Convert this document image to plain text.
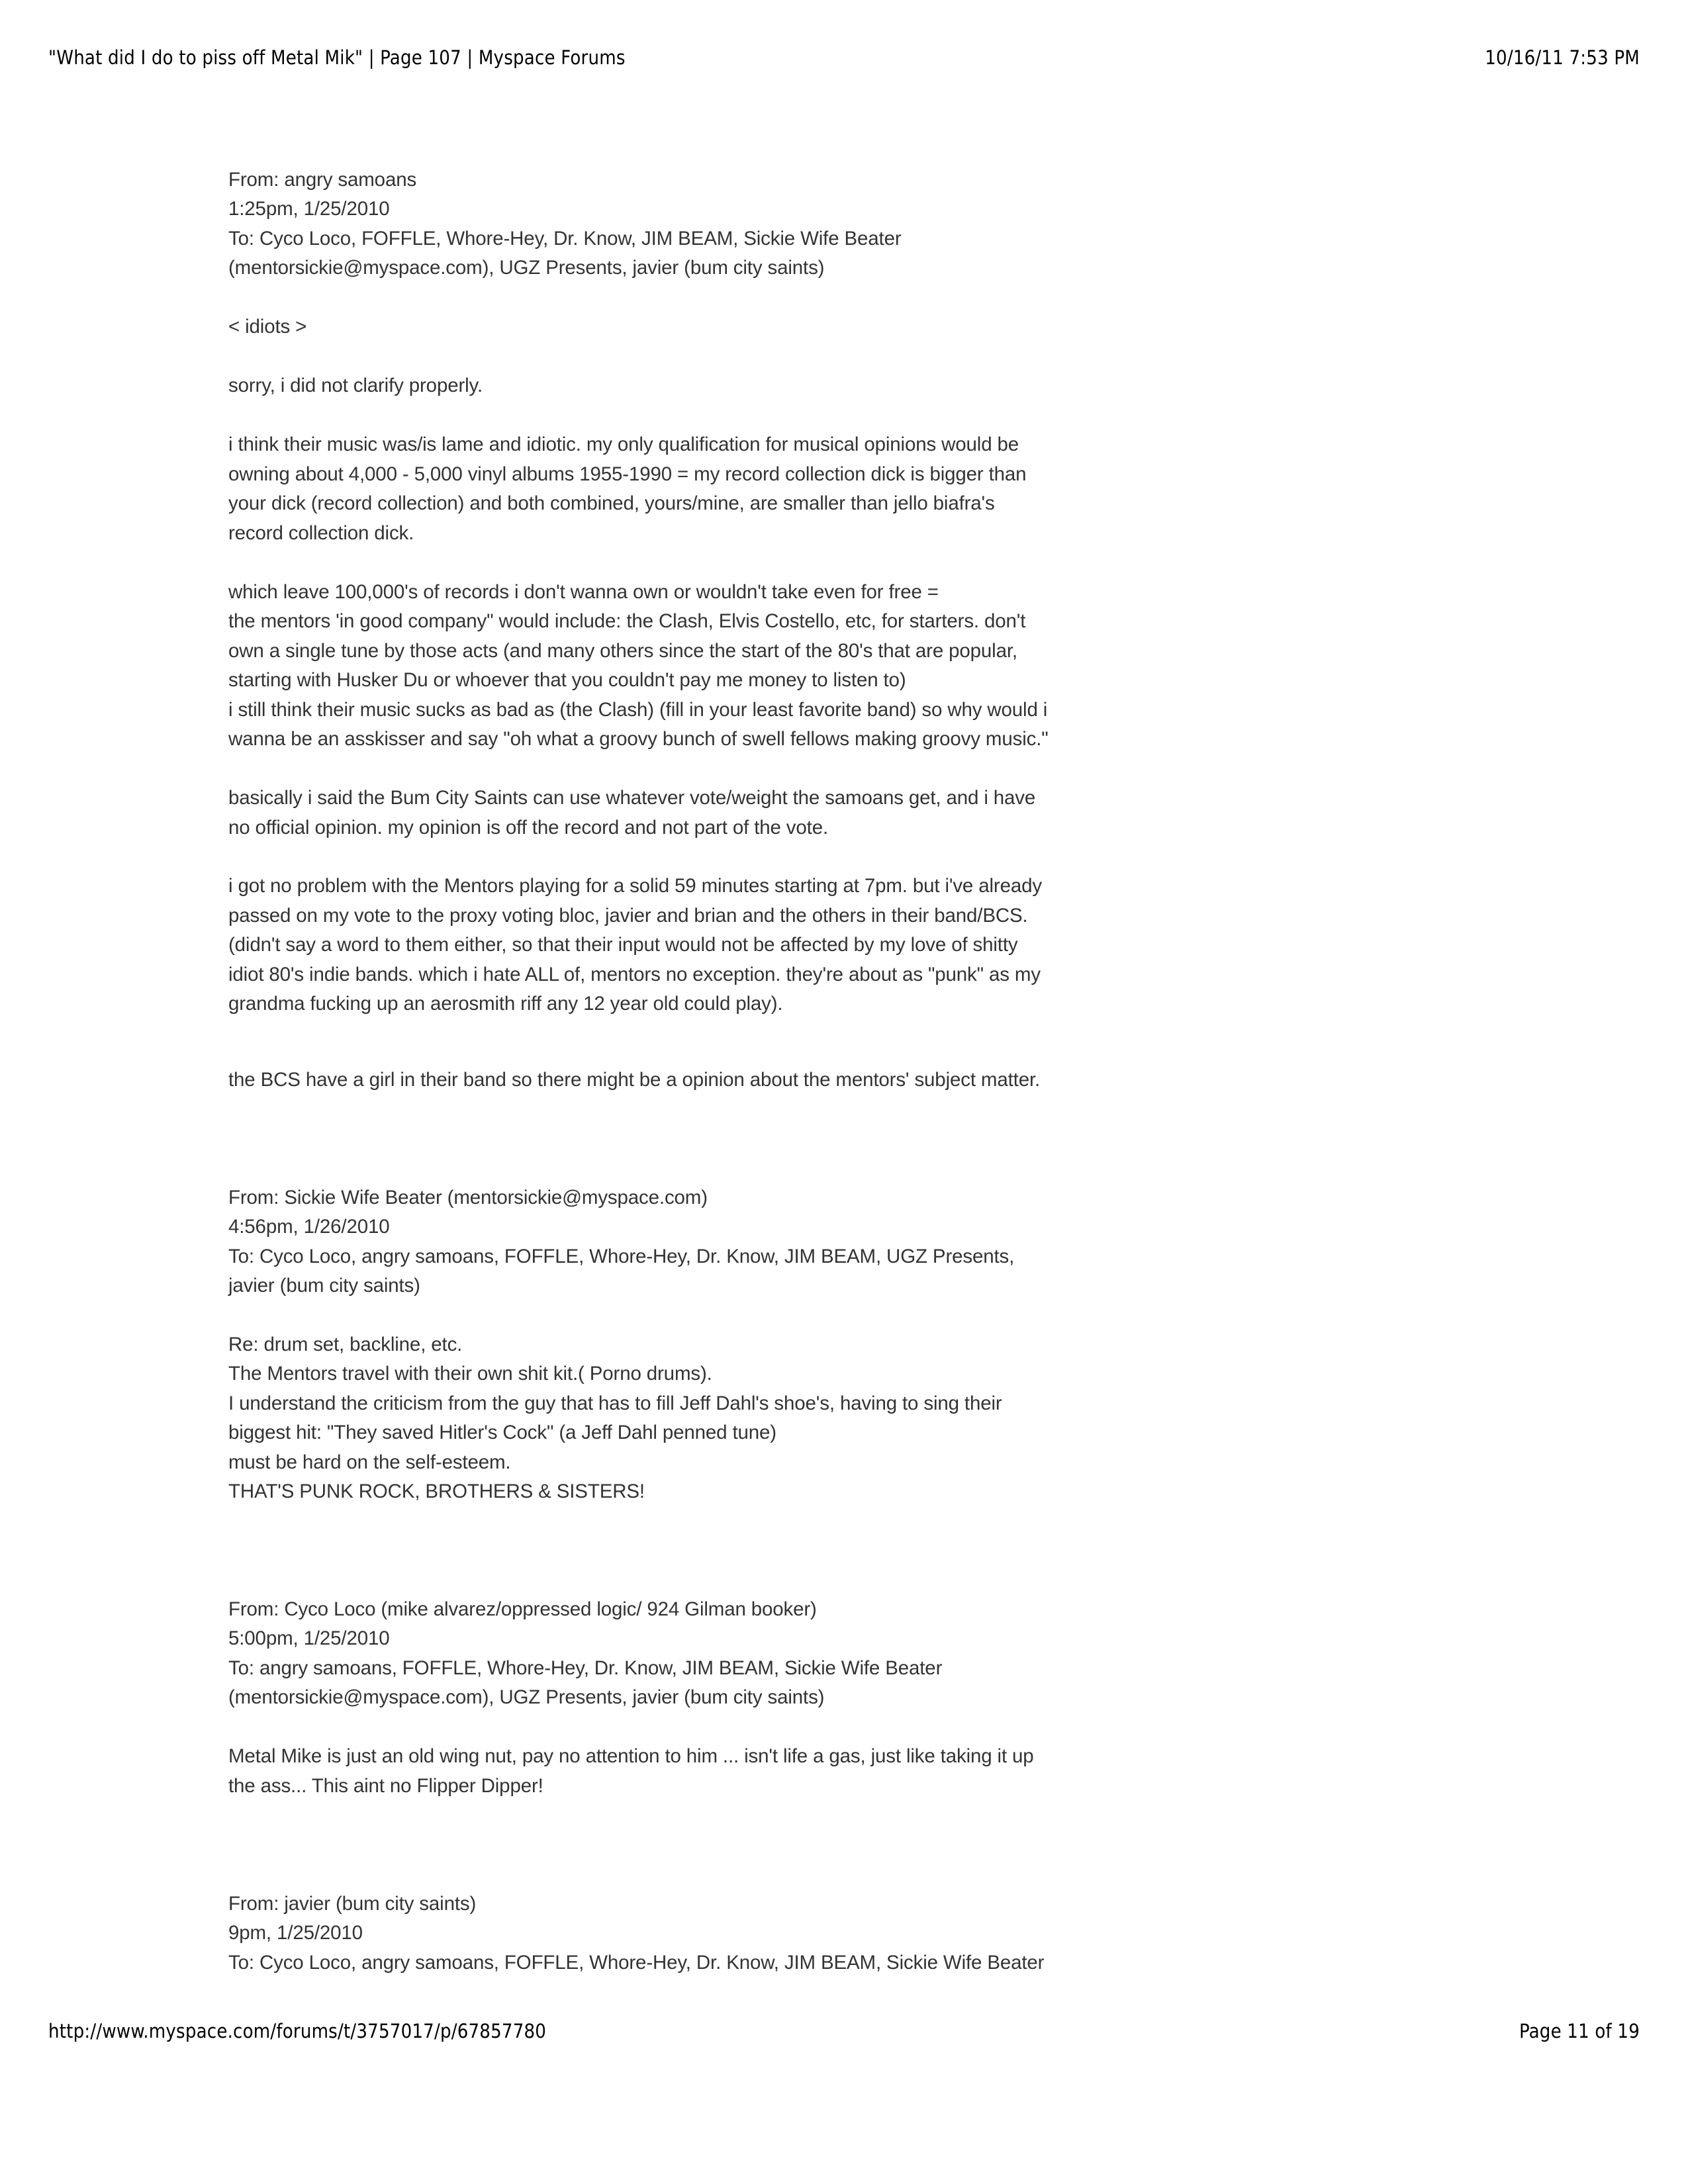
"What did I do to piss off Metal Mik" | Page 107 | Myspace Forums	10/16/11 7:53 PM
From: angry samoans
1:25pm, 1/25/2010
To: Cyco Loco, FOFFLE, Whore-Hey, Dr. Know, JIM BEAM, Sickie Wife Beater
(mentorsickie@myspace.com), UGZ Presents, javier (bum city saints)
< idiots >
sorry, i did not clarify properly.
i think their music was/is lame and idiotic. my only qualification for musical opinions would be
owning about 4,000 - 5,000 vinyl albums 1955-1990 = my record collection dick is bigger than
your dick (record collection) and both combined, yours/mine, are smaller than jello biafra's
record collection dick.
which leave 100,000's of records i don't wanna own or wouldn't take even for free =
the mentors 'in good company" would include: the Clash, Elvis Costello, etc, for starters. don't
own a single tune by those acts (and many others since the start of the 80's that are popular,
starting with Husker Du or whoever that you couldn't pay me money to listen to)
i still think their music sucks as bad as (the Clash) (fill in your least favorite band) so why would i
wanna be an asskisser and say "oh what a groovy bunch of swell fellows making groovy music."
basically i said the Bum City Saints can use whatever vote/weight the samoans get, and i have
no official opinion. my opinion is off the record and not part of the vote.
i got no problem with the Mentors playing for a solid 59 minutes starting at 7pm. but i've already
passed on my vote to the proxy voting bloc, javier and brian and the others in their band/BCS.
(didn't say a word to them either, so that their input would not be affected by my love of shitty
idiot 80's indie bands. which i hate ALL of, mentors no exception. they're about as "punk" as my
grandma fucking up an aerosmith riff any 12 year old could play).
the BCS have a girl in their band so there might be a opinion about the mentors' subject matter.
From: Sickie Wife Beater (mentorsickie@myspace.com)
4:56pm, 1/26/2010
To: Cyco Loco, angry samoans, FOFFLE, Whore-Hey, Dr. Know, JIM BEAM, UGZ Presents,
javier (bum city saints)
Re: drum set, backline, etc.
The Mentors travel with their own shit kit.( Porno drums).
I understand the criticism from the guy that has to fill Jeff Dahl's shoe's, having to sing their
biggest hit: "They saved Hitler's Cock" (a Jeff Dahl penned tune)
must be hard on the self-esteem.
THAT'S PUNK ROCK, BROTHERS & SISTERS!
From: Cyco Loco (mike alvarez/oppressed logic/ 924 Gilman booker)
5:00pm, 1/25/2010
To: angry samoans, FOFFLE, Whore-Hey, Dr. Know, JIM BEAM, Sickie Wife Beater
(mentorsickie@myspace.com), UGZ Presents, javier (bum city saints)
Metal Mike is just an old wing nut, pay no attention to him ... isn't life a gas, just like taking it up
the ass... This aint no Flipper Dipper!
From: javier (bum city saints)
9pm, 1/25/2010
To: Cyco Loco, angry samoans, FOFFLE, Whore-Hey, Dr. Know, JIM BEAM, Sickie Wife Beater
http://www.myspace.com/forums/t/3757017/p/67857780	Page 11 of 19
